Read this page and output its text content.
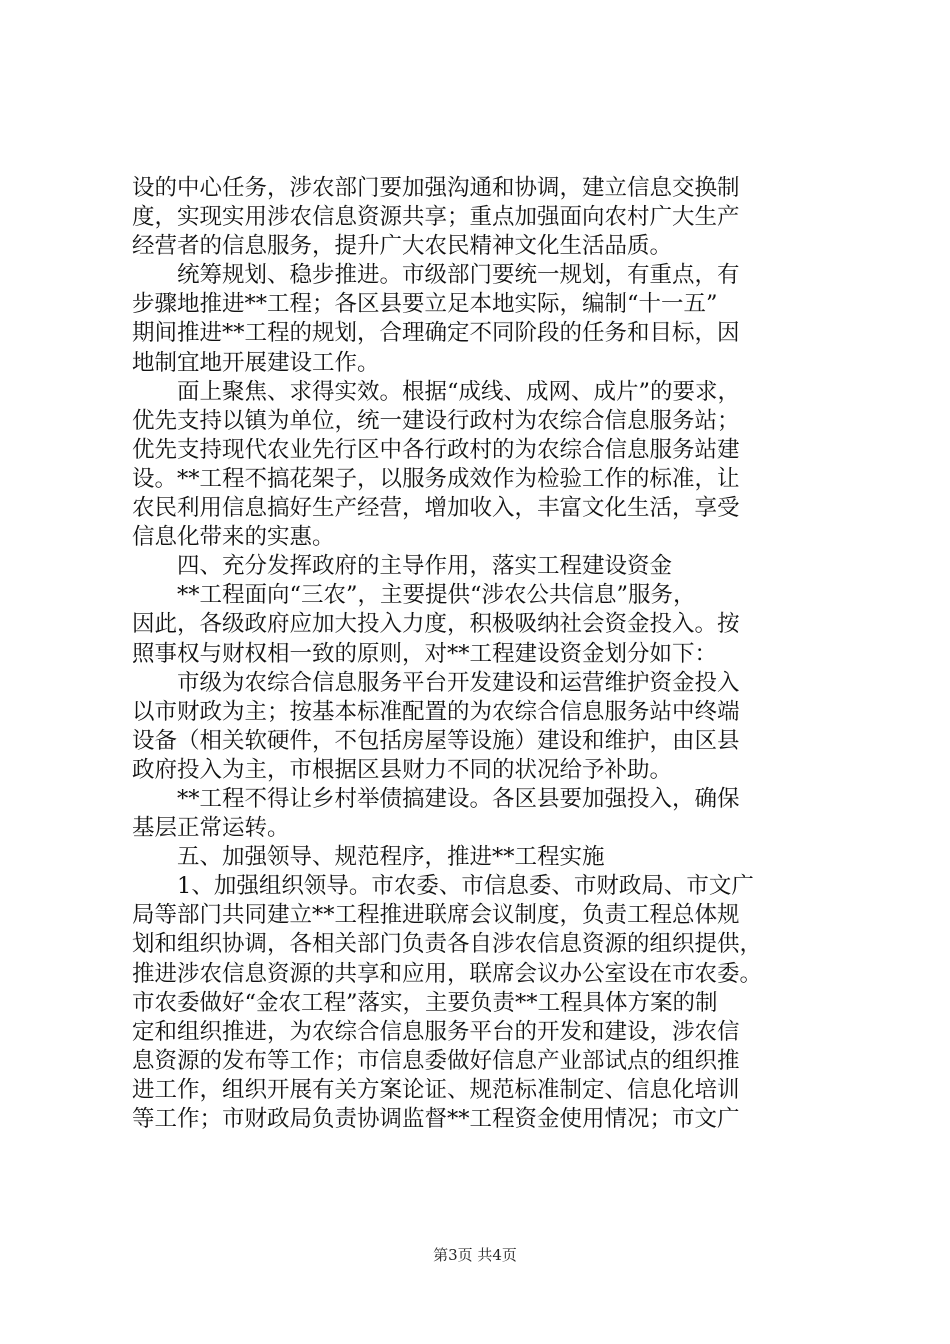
设的中心任务，涉农部门要加强沟通和协调，建立信息交换制
度，实现实用涉农信息资源共享；重点加强面向农村广大生产
经营者的信息服务，提升广大农民精神文化生活品质。
　　统筹规划、稳步推进。市级部门要统一规划，有重点，有
步骤地推进**工程；各区县要立足本地实际，编制“十一五”
期间推进**工程的规划，合理确定不同阶段的任务和目标，因
地制宜地开展建设工作。
　　面上聚焦、求得实效。根据“成线、成网、成片”的要求，
优先支持以镇为单位，统一建设行政村为农综合信息服务站；
优先支持现代农业先行区中各行政村的为农综合信息服务站建
设。**工程不搞花架子，以服务成效作为检验工作的标准，让
农民利用信息搞好生产经营，增加收入，丰富文化生活，享受
信息化带来的实惠。
　　四、充分发挥政府的主导作用，落实工程建设资金
　　**工程面向“三农”，主要提供“涉农公共信息”服务，
因此，各级政府应加大投入力度，积极吸纳社会资金投入。按
照事权与财权相一致的原则，对**工程建设资金划分如下：
　　市级为农综合信息服务平台开发建设和运营维护资金投入
以市财政为主；按基本标准配置的为农综合信息服务站中终端
设备（相关软硬件，不包括房屋等设施）建设和维护，由区县
政府投入为主，市根据区县财力不同的状况给予补助。
　　**工程不得让乡村举债搞建设。各区县要加强投入，确保
基层正常运转。
　　五、加强领导、规范程序，推进**工程实施
　　1、加强组织领导。市农委、市信息委、市财政局、市文广
局等部门共同建立**工程推进联席会议制度，负责工程总体规
划和组织协调，各相关部门负责各自涉农信息资源的组织提供，
推进涉农信息资源的共享和应用，联席会议办公室设在市农委。
市农委做好“金农工程”落实，主要负责**工程具体方案的制
定和组织推进，为农综合信息服务平台的开发和建设，涉农信
息资源的发布等工作；市信息委做好信息产业部试点的组织推
进工作，组织开展有关方案论证、规范标准制定、信息化培训
等工作；市财政局负责协调监督**工程资金使用情况；市文广
第3页 共4页
